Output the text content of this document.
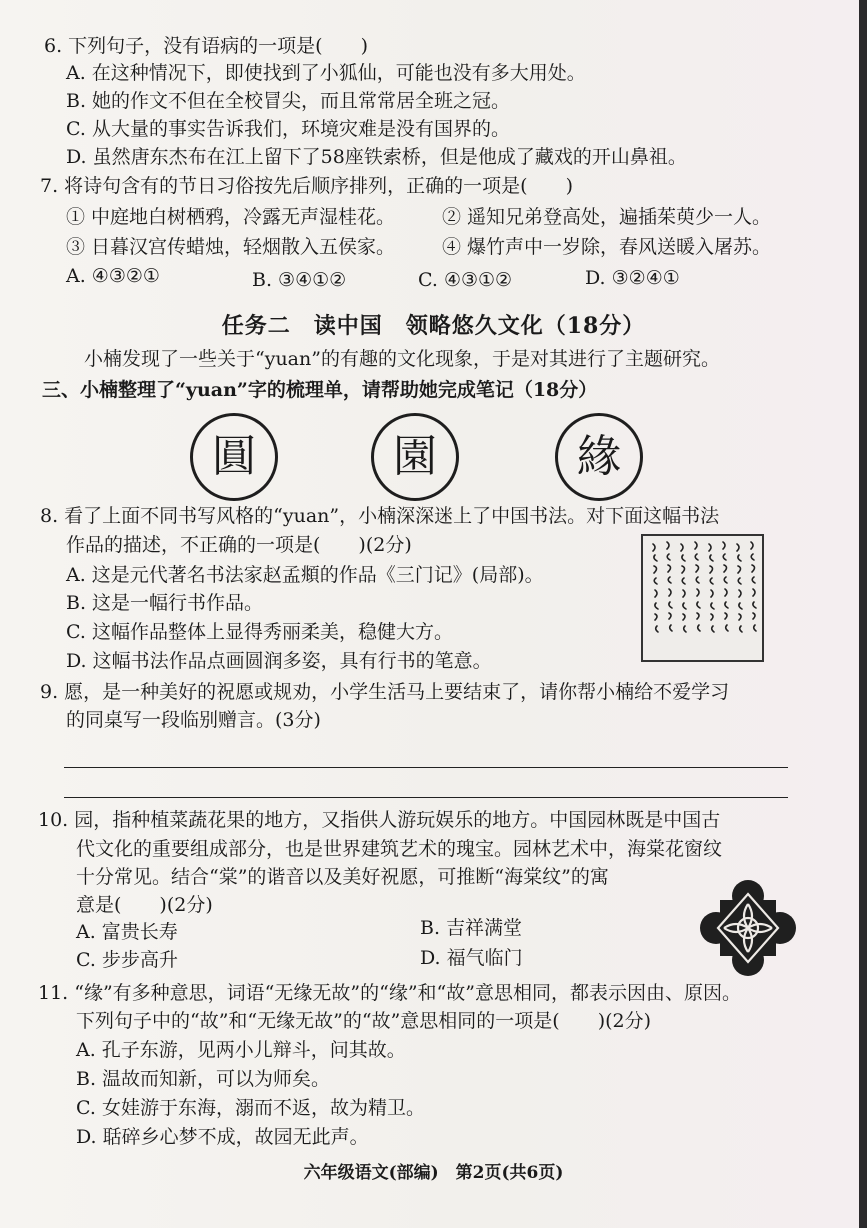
6. 下列句子，没有语病的一项是(　　)
A. 在这种情况下，即使找到了小狐仙，可能也没有多大用处。
B. 她的作文不但在全校冒尖，而且常常居全班之冠。
C. 从大量的事实告诉我们，环境灾难是没有国界的。
D. 虽然唐东杰布在江上留下了58座铁索桥，但是他成了藏戏的开山鼻祖。
7. 将诗句含有的节日习俗按先后顺序排列，正确的一项是(　　)
① 中庭地白树栖鸦，冷露无声湿桂花。 ② 遥知兄弟登高处，遍插茱萸少一人。
③ 日暮汉宫传蜡烛，轻烟散入五侯家。 ④ 爆竹声中一岁除，春风送暖入屠苏。
A. ④③②①	B. ③④①②	C. ④③①②	D. ③②④①
任务二　读中国　领略悠久文化（18分）
小楠发现了一些关于“yuan”的有趣的文化现象，于是对其进行了主题研究。
三、小楠整理了“yuan”字的梳理单，请帮助她完成笔记（18分）
圓	園	緣
8. 看了上面不同书写风格的“yuan”，小楠深深迷上了中国书法。对下面这幅书法
作品的描述，不正确的一项是(　　)(2分)
A. 这是元代著名书法家赵孟頫的作品《三门记》(局部)。
B. 这是一幅行书作品。
C. 这幅作品整体上显得秀丽柔美，稳健大方。
D. 这幅书法作品点画圆润多姿，具有行书的笔意。
9. 愿，是一种美好的祝愿或规劝，小学生活马上要结束了，请你帮小楠给不爱学习
的同桌写一段临别赠言。(3分)
10. 园，指种植菜蔬花果的地方，又指供人游玩娱乐的地方。中国园林既是中国古
代文化的重要组成部分，也是世界建筑艺术的瑰宝。园林艺术中，海棠花窗纹
十分常见。结合“棠”的谐音以及美好祝愿，可推断“海棠纹”的寓
意是(　　)(2分)
A. 富贵长寿	B. 吉祥满堂
C. 步步高升	D. 福气临门
11. “缘”有多种意思，词语“无缘无故”的“缘”和“故”意思相同，都表示因由、原因。
下列句子中的“故”和“无缘无故”的“故”意思相同的一项是(　　)(2分)
A. 孔子东游，见两小儿辩斗，问其故。
B. 温故而知新，可以为师矣。
C. 女娃游于东海，溺而不返，故为精卫。
D. 聒碎乡心梦不成，故园无此声。
六年级语文(部编)　第2页(共6页)
